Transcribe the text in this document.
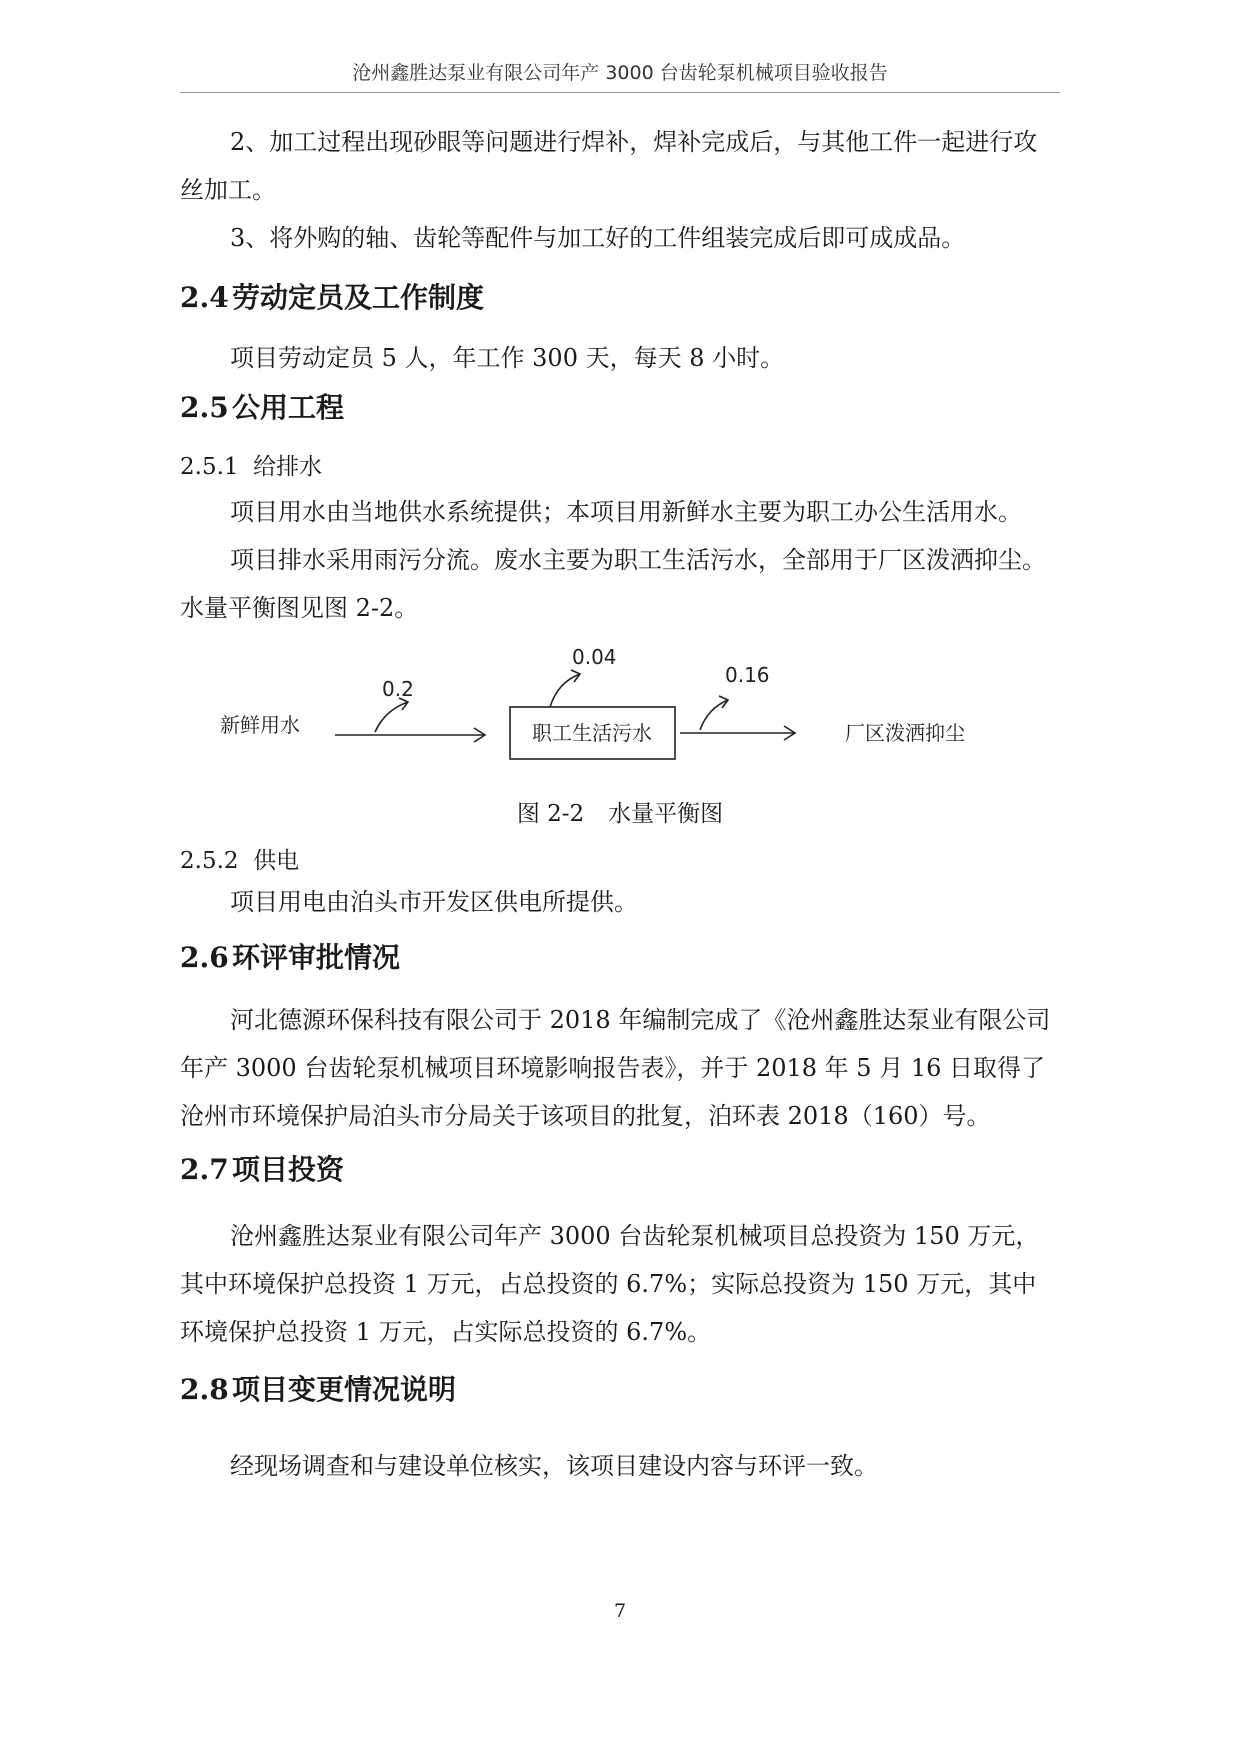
沧州鑫胜达泵业有限公司年产 3000 台齿轮泵机械项目验收报告

2、加工过程出现砂眼等问题进行焊补，焊补完成后，与其他工件一起进行攻丝加工。

3、将外购的轴、齿轮等配件与加工好的工件组装完成后即可成成品。

2.4 劳动定员及工作制度

项目劳动定员 5 人，年工作 300 天，每天 8 小时。

2.5 公用工程

2.5.1 给排水

项目用水由当地供水系统提供；本项目用新鲜水主要为职工办公生活用水。

项目排水采用雨污分流。废水主要为职工生活污水，全部用于厂区泼洒抑尘。水量平衡图见图 2-2。

新鲜用水
0.2
职工生活污水
0.04
0.16
厂区泼洒抑尘
图 2-2 水量平衡图

2.5.2 供电

项目用电由泊头市开发区供电所提供。

2.6 环评审批情况

河北德源环保科技有限公司于 2018 年编制完成了《沧州鑫胜达泵业有限公司年产 3000 台齿轮泵机械项目环境影响报告表》，并于 2018 年 5 月 16 日取得了沧州市环境保护局泊头市分局关于该项目的批复，泊环表 2018（160）号。

2.7 项目投资

沧州鑫胜达泵业有限公司年产 3000 台齿轮泵机械项目总投资为 150 万元，其中环境保护总投资 1 万元，占总投资的 6.7%；实际总投资为 150 万元，其中环境保护总投资 1 万元，占实际总投资的 6.7%。

2.8 项目变更情况说明

经现场调查和与建设单位核实，该项目建设内容与环评一致。

7
